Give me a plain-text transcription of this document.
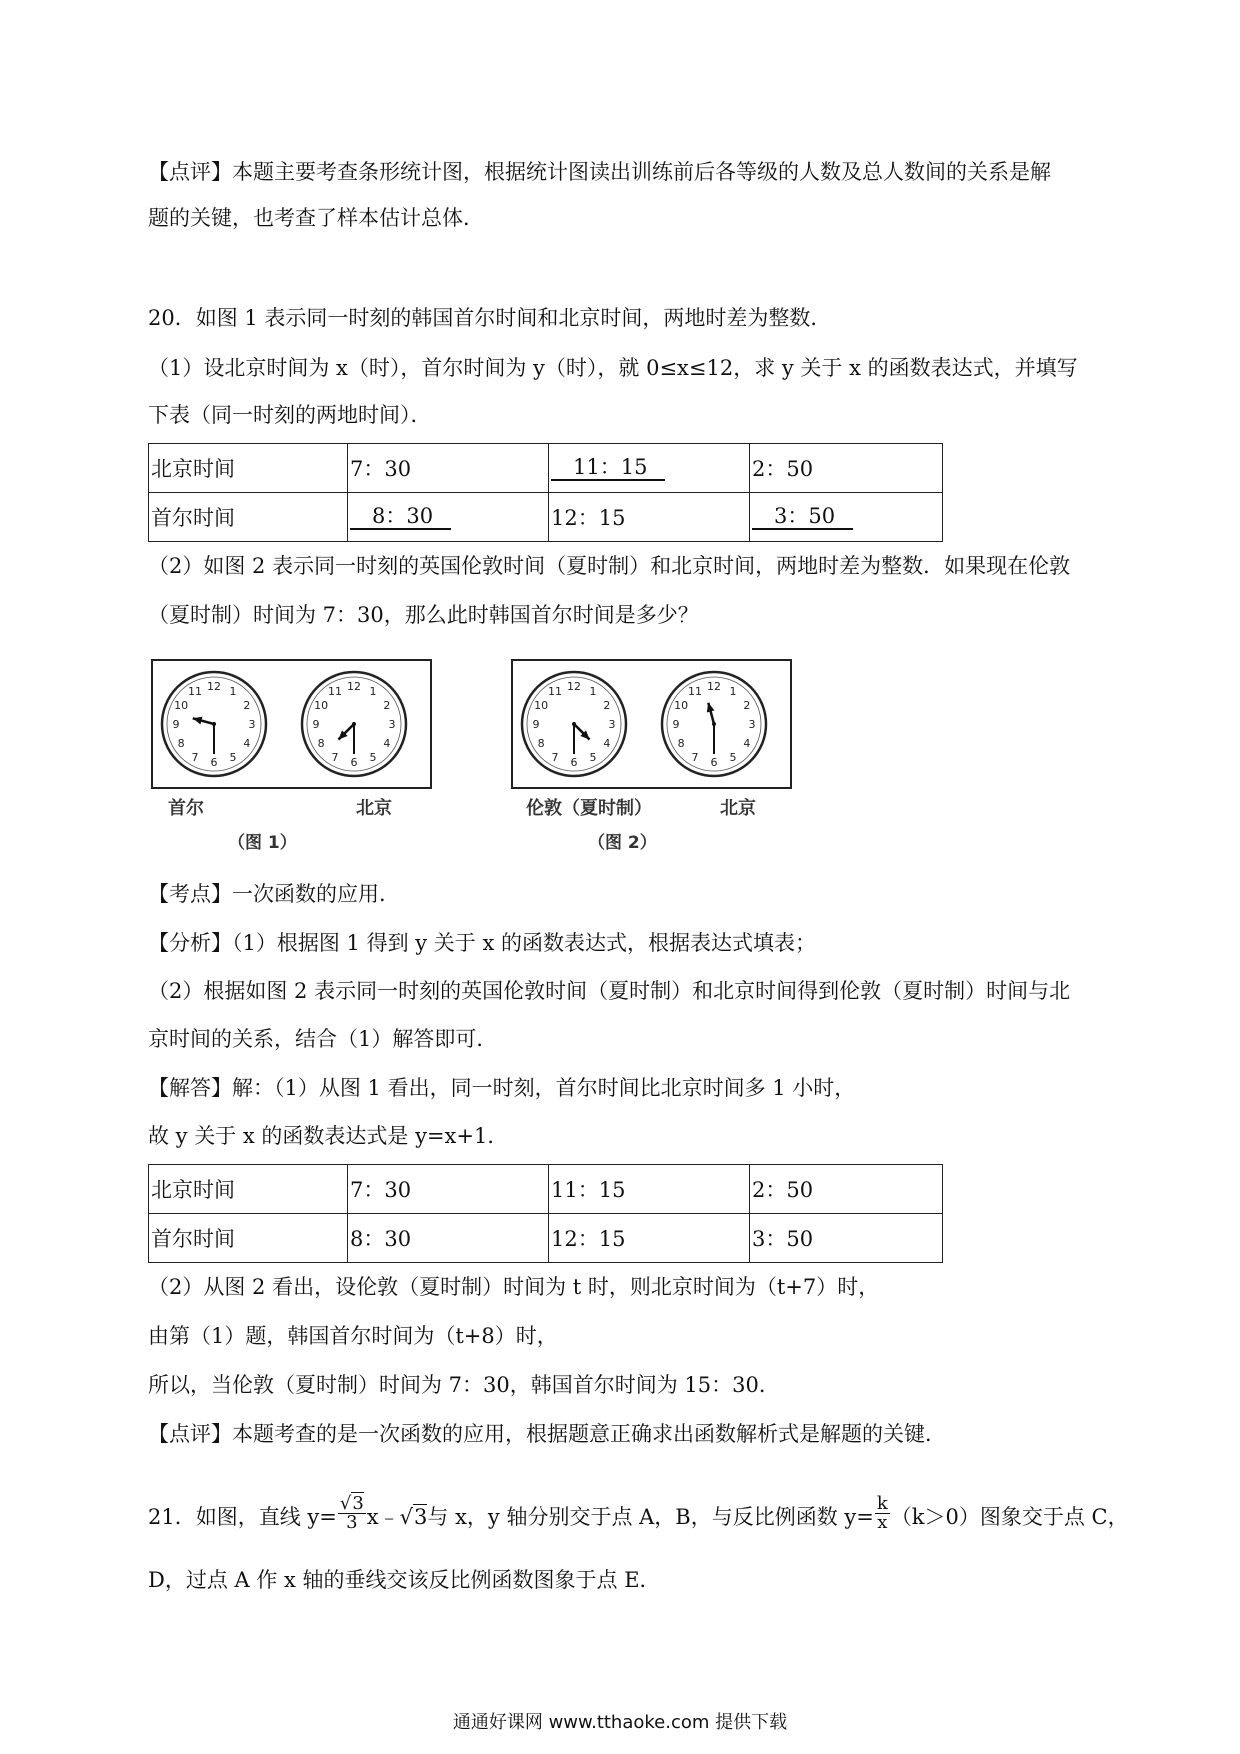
【点评】本题主要考查条形统计图，根据统计图读出训练前后各等级的人数及总人数间的关系是解
题的关键，也考查了样本估计总体．
20．如图 1 表示同一时刻的韩国首尔时间和北京时间，两地时差为整数．
（1）设北京时间为 x（时），首尔时间为 y（时），就 0≤x≤12，求 y 关于 x 的函数表达式，并填写
下表（同一时刻的两地时间）．
北京时间	7：30	11：15	2：50
首尔时间	8：30	12：15	3：50
（2）如图 2 表示同一时刻的英国伦敦时间（夏时制）和北京时间，两地时差为整数．如果现在伦敦
（夏时制）时间为 7：30，那么此时韩国首尔时间是多少？
12 1
2
3
4
5
6
7
8
9
10
11	12 1
2
3
4
5
6
7
8
9
10
11	12 1
2
3
4
5
6
7
8
9
10
11	12 1
2
3
4
5
6
7
8
9
10
11
首尔	北京
（图 1）
伦敦（夏时制）	北京
（图 2）
【考点】一次函数的应用．
【分析】（1）根据图 1 得到 y 关于 x 的函数表达式，根据表达式填表；
（2）根据如图 2 表示同一时刻的英国伦敦时间（夏时制）和北京时间得到伦敦（夏时制）时间与北
京时间的关系，结合（1）解答即可．
【解答】解：（1）从图 1 看出，同一时刻，首尔时间比北京时间多 1 小时，
故 y 关于 x 的函数表达式是 y=x+1．
北京时间	7：30	11：15	2：50
首尔时间	8：30	12：15	3：50
（2）从图 2 看出，设伦敦（夏时制）时间为 t 时，则北京时间为（t+7）时，
由第（1）题，韩国首尔时间为（t+8）时，
所以，当伦敦（夏时制）时间为 7：30，韩国首尔时间为 15：30．
【点评】本题考查的是一次函数的应用，根据题意正确求出函数解析式是解题的关键．
21．如图，直线 $y= \frac{√3}{3}$ x﹣√3与 x，y 轴分别交于点 A，B，与反比例函数 $y= \frac{k}{x} (k>0)$图象交于点 C，
D，过点 A 作 x 轴的垂线交该反比例函数图象于点 E．
通通好课网 www.tthaoke.com 提供下载
